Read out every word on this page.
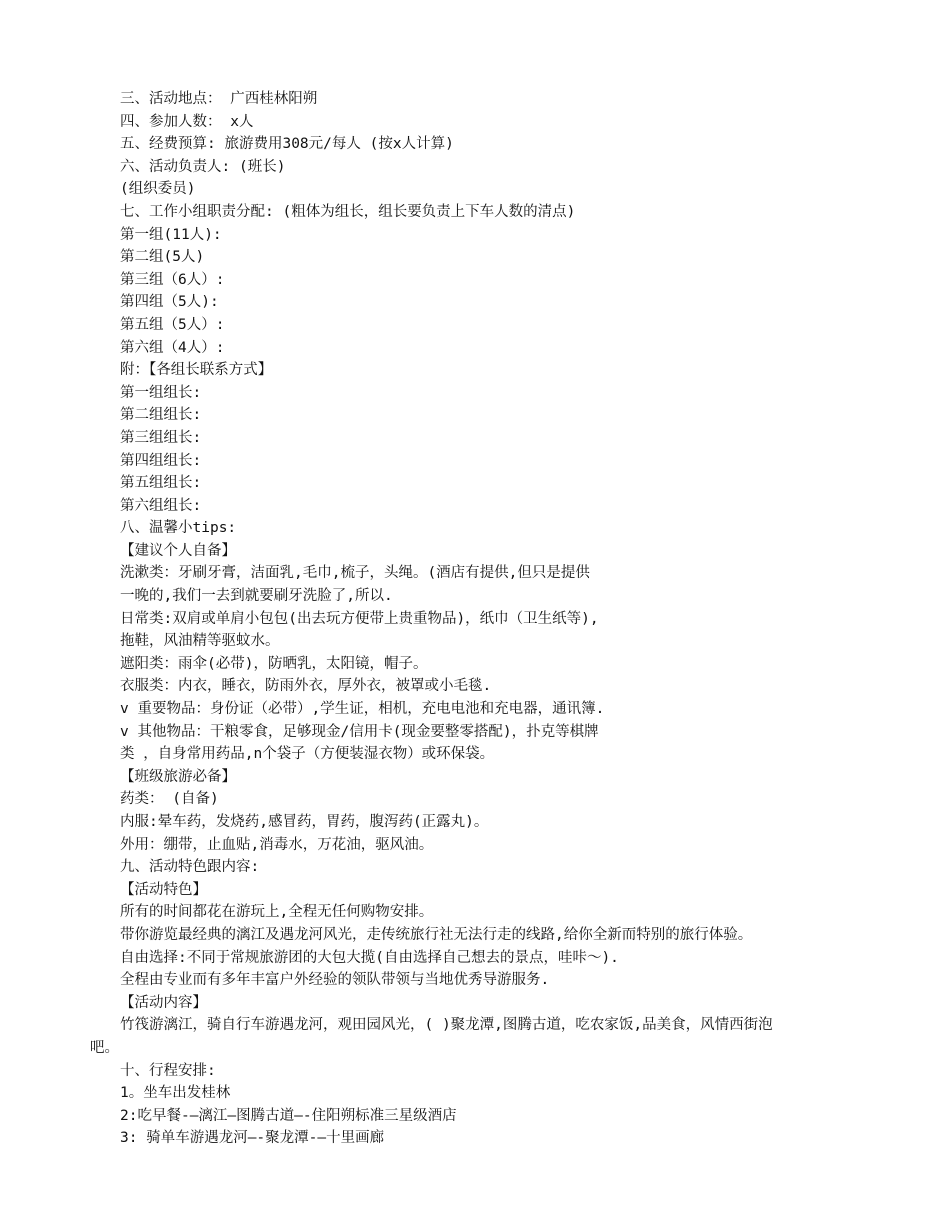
三、活动地点： 广西桂林阳朔
四、参加人数： x人
五、经费预算: 旅游费用308元/每人 (按x人计算)
六、活动负责人: (班长)
(组织委员)
七、工作小组职责分配: (粗体为组长，组长要负责上下车人数的清点)
第一组(11人):
第二组(5人)
第三组（6人）:
第四组（5人):
第五组（5人）:
第六组（4人）:
附：【各组长联系方式】
第一组组长:
第二组组长:
第三组组长:
第四组组长:
第五组组长:
第六组组长:
八、温馨小tips:
【建议个人自备】
洗漱类：牙刷牙膏，洁面乳,毛巾,梳子，头绳。(酒店有提供,但只是提供
一晚的,我们一去到就要刷牙洗脸了,所以.
日常类:双肩或单肩小包包(出去玩方便带上贵重物品)，纸巾（卫生纸等),
拖鞋，风油精等驱蚊水。
遮阳类：雨伞(必带)，防晒乳，太阳镜，帽子。
衣服类：内衣，睡衣，防雨外衣，厚外衣，被罩或小毛毯.
v 重要物品：身份证（必带）,学生证，相机，充电电池和充电器，通讯簿.
v 其他物品：干粮零食，足够现金/信用卡(现金要整零搭配)，扑克等棋牌
类 ，自身常用药品,n个袋子（方便装湿衣物）或环保袋。
【班级旅游必备】
药类： (自备)
内服:晕车药，发烧药,感冒药，胃药，腹泻药(正露丸)。
外用：绷带，止血贴,消毒水，万花油，驱风油。
九、活动特色跟内容:
【活动特色】
所有的时间都花在游玩上,全程无任何购物安排。
带你游览最经典的漓江及遇龙河风光，走传统旅行社无法行走的线路,给你全新而特别的旅行体验。
自由选择:不同于常规旅游团的大包大揽(自由选择自己想去的景点，哇咔～).
全程由专业而有多年丰富户外经验的领队带领与当地优秀导游服务.
【活动内容】
竹筏游漓江，骑自行车游遇龙河，观田园风光，( )聚龙潭,图腾古道，吃农家饭,品美食，风情西街泡
吧。
十、行程安排:
1。坐车出发桂林
2:吃早餐-—漓江—图腾古道—-住阳朔标准三星级酒店
3: 骑单车游遇龙河—-聚龙潭-—十里画廊
